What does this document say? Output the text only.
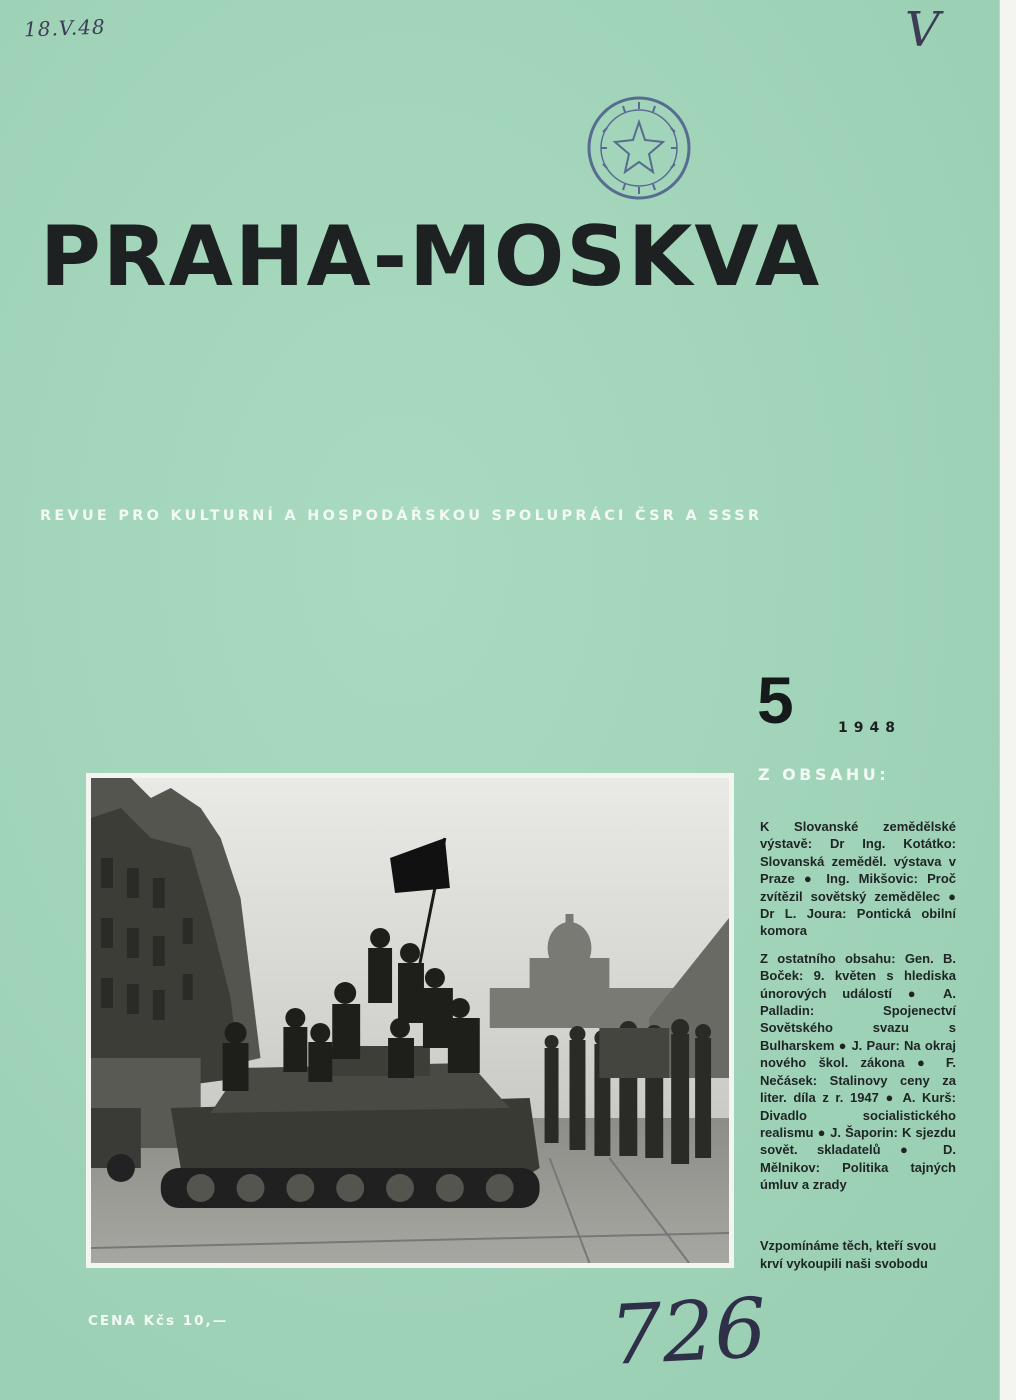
18.V.48	V
PRAHA-MOSKVA
REVUE PRO KULTURNÍ A HOSPODÁŘSKOU SPOLUPRÁCI ČSR A SSSR
5	1948
Z OBSAHU:

K Slovanské zemědělské výstavě: Dr Ing. Kotátko: Slovanská zeměděl. výstava v Praze ● Ing. Mikšovic: Proč zvítězil sovětský zemědělec ● Dr L. Joura: Pontická obilní komora

Z ostatního obsahu: Gen. B. Boček: 9. květen s hlediska únorových událostí ● A. Palladin: Spojenectví Sovětského svazu s Bulharskem ● J. Paur: Na okraj nového škol. zákona ● F. Nečásek: Stalinovy ceny za liter. díla z r. 1947 ● A. Kurš: Divadlo socialistického realismu ● J. Šaporin: K sjezdu sovět. skladatelů ● D. Mělnikov: Politika tajných úmluv a zrady

Vzpomínáme těch, kteří svou krví vykoupili naši svobodu
CENA Kčs 10,—	726
